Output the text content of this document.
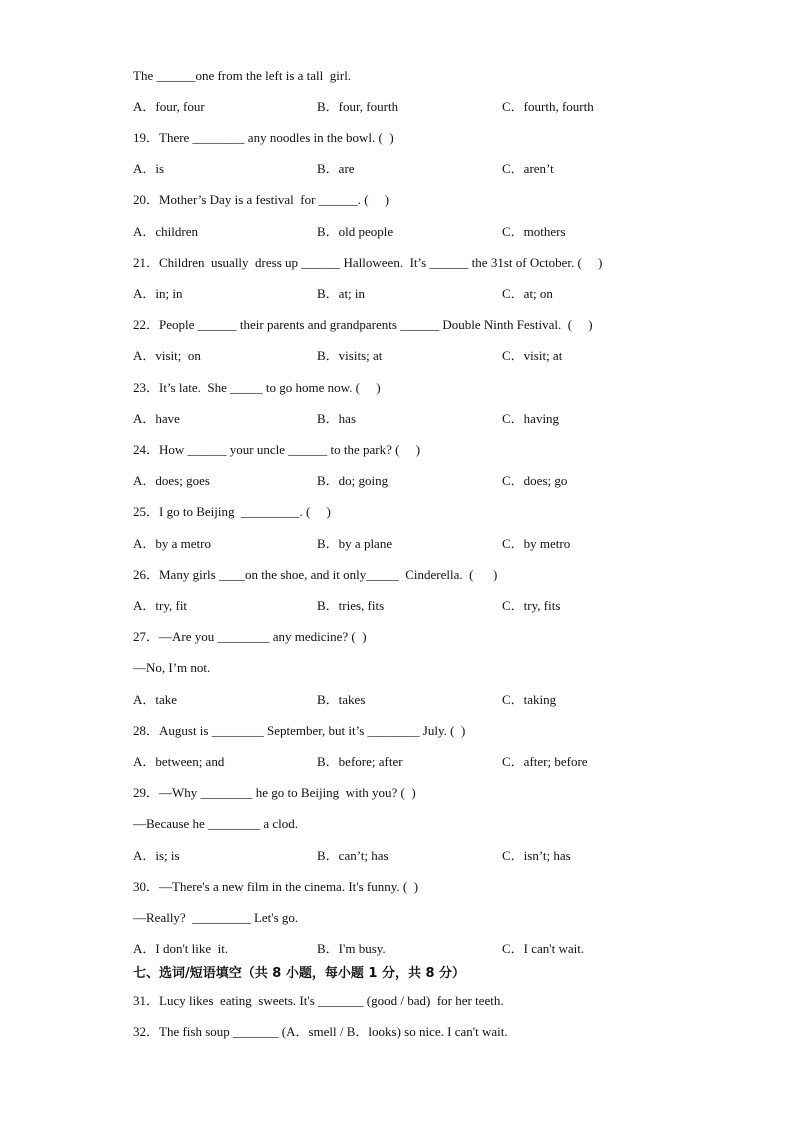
The ______one from the left is a tall  girl.
A．four, four	B．four, fourth	C．fourth, fourth
19．There ________ any noodles in the bowl. (  )
A．is	B．are	C．aren’t
20．Mother’s Day is a festival  for ______. (     )
A．children	B．old people	C．mothers
21．Children  usually  dress up ______ Halloween.  It’s ______ the 31st of October. (     )
A．in; in	B．at; in	C．at; on
22．People ______ their parents and grandparents ______ Double Ninth Festival.  (     )
A．visit;  on	B．visits; at	C．visit; at
23．It’s late.  She _____ to go home now. (     )
A．have	B．has	C．having
24．How ______ your uncle ______ to the park? (     )
A．does; goes	B．do; going	C．does; go
25．I go to Beijing  _________. (     )
A．by a metro	B．by a plane	C．by metro
26．Many girls ____on the shoe, and it only_____  Cinderella.  (      )
A．try, fit	B．tries, fits	C．try, fits
27．—Are you ________ any medicine? (  )
—No, I’m not.
A．take	B．takes	C．taking
28．August is ________ September, but it’s ________ July. (  )
A．between; and	B．before; after	C．after; before
29．—Why ________ he go to Beijing  with you? (  )
—Because he ________ a clod.
A．is; is	B．can’t; has	C．isn’t; has
30．—There's a new film in the cinema. It's funny. (  )
—Really?  _________ Let's go.
A．I don't like  it.	B．I'm busy.	C．I can't wait.
七、选词/短语填空（共 8 小题，每小题 1 分，共 8 分）
31．Lucy likes  eating  sweets. It's _______ (good / bad)  for her teeth.
32．The fish soup _______ (A．smell / B．looks) so nice. I can't wait.
